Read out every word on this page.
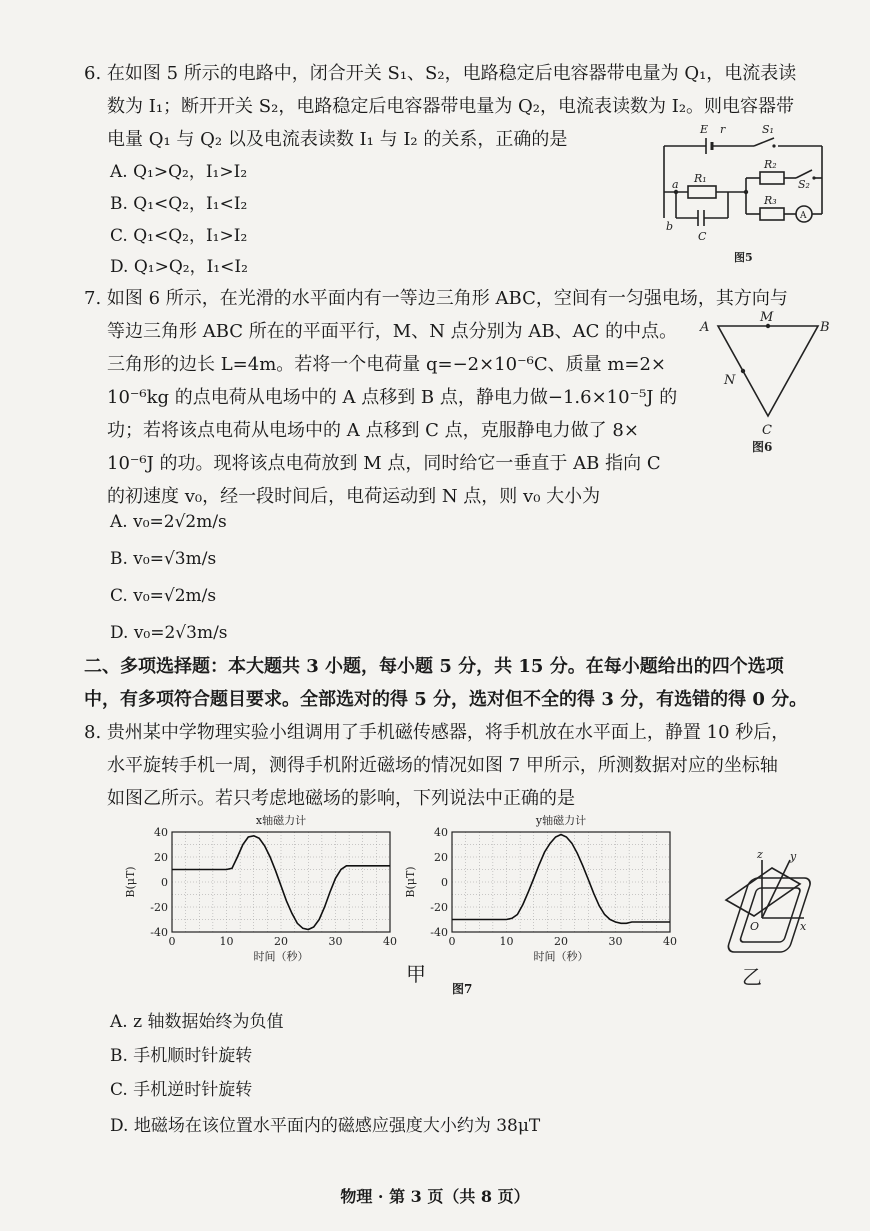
6. 在如图 5 所示的电路中，闭合开关 S₁、S₂，电路稳定后电容器带电量为 Q₁，电流表读
数为 I₁；断开开关 S₂，电路稳定后电容器带电量为 Q₂，电流表读数为 I₂。则电容器带
电量 Q₁ 与 Q₂ 以及电流表读数 I₁ 与 I₂ 的关系，正确的是
A. Q₁>Q₂，I₁>I₂
B. Q₁<Q₂，I₁<I₂
C. Q₁<Q₂，I₁>I₂
D. Q₁>Q₂，I₁<I₂
E r	S₁
R₂
S₂
a R₁
b
C
R₃
A
图5
7. 如图 6 所示，在光滑的水平面内有一等边三角形 ABC，空间有一匀强电场，其方向与
等边三角形 ABC 所在的平面平行，M、N 点分别为 AB、AC 的中点。
三角形的边长 L=4m。若将一个电荷量 q=−2×10⁻⁶C、质量 m=2×
10⁻⁶kg 的点电荷从电场中的 A 点移到 B 点，静电力做−1.6×10⁻⁵J 的
功；若将该点电荷从电场中的 A 点移到 C 点，克服静电力做了 8×
10⁻⁶J 的功。现将该点电荷放到 M 点，同时给它一垂直于 AB 指向 C
的初速度 v₀，经一段时间后，电荷运动到 N 点，则 v₀ 大小为
A. v₀=2√2m/s
B. v₀=√3m/s
C. v₀=√2m/s
D. v₀=2√3m/s
A
M
B
N
C
图6
二、多项选择题：本大题共 3 小题，每小题 5 分，共 15 分。在每小题给出的四个选项
中，有多项符合题目要求。全部选对的得 5 分，选对但不全的得 3 分，有选错的得 0 分。
8. 贵州某中学物理实验小组调用了手机磁传感器，将手机放在水平面上，静置 10 秒后，
水平旋转手机一周，测得手机附近磁场的情况如图 7 甲所示，所测数据对应的坐标轴
如图乙所示。若只考虑地磁场的影响，下列说法中正确的是
x轴磁力计
40
20
0
-20
-40
0	10	20	30	40
时间（秒）
B(μT)
y轴磁力计
40
20
0
-20
-40
0	10	20	30	40
时间（秒）
B(μT)
甲
图7
z y
x
O
乙
A. z 轴数据始终为负值
B. 手机顺时针旋转
C. 手机逆时针旋转
D. 地磁场在该位置水平面内的磁感应强度大小约为 38μT
物理 · 第 3 页（共 8 页）
